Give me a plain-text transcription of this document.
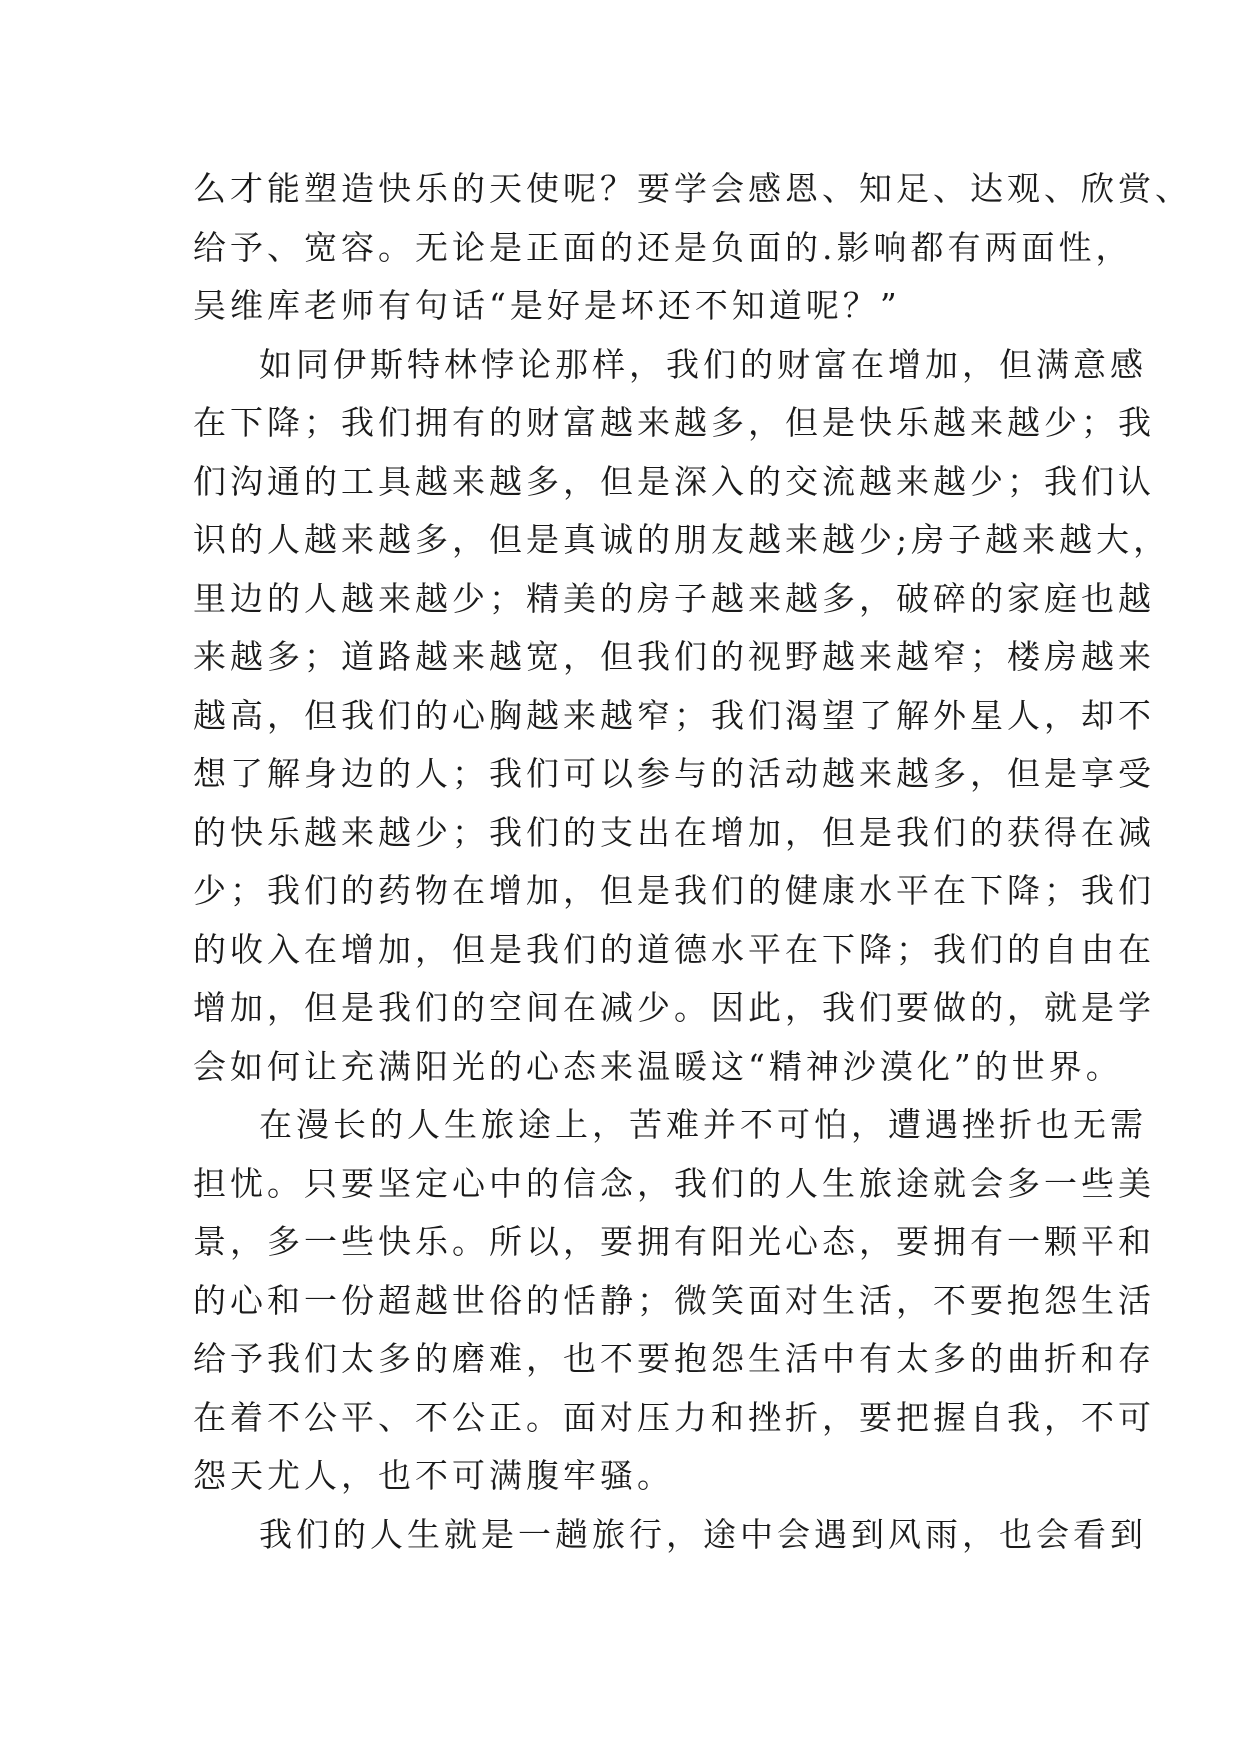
么才能塑造快乐的天使呢？要学会感恩、知足、达观、欣赏、
给予、宽容。无论是正面的还是负面的.影响都有两面性，
吴维库老师有句话“是好是坏还不知道呢？”
如同伊斯特林悖论那样，我们的财富在增加，但满意感
在下降；我们拥有的财富越来越多，但是快乐越来越少；我
们沟通的工具越来越多，但是深入的交流越来越少；我们认
识的人越来越多，但是真诚的朋友越来越少;房子越来越大，
里边的人越来越少；精美的房子越来越多，破碎的家庭也越
来越多；道路越来越宽，但我们的视野越来越窄；楼房越来
越高，但我们的心胸越来越窄；我们渴望了解外星人，却不
想了解身边的人；我们可以参与的活动越来越多，但是享受
的快乐越来越少；我们的支出在增加，但是我们的获得在减
少；我们的药物在增加，但是我们的健康水平在下降；我们
的收入在增加，但是我们的道德水平在下降；我们的自由在
增加，但是我们的空间在减少。因此，我们要做的，就是学
会如何让充满阳光的心态来温暖这“精神沙漠化”的世界。
在漫长的人生旅途上，苦难并不可怕，遭遇挫折也无需
担忧。只要坚定心中的信念，我们的人生旅途就会多一些美
景，多一些快乐。所以，要拥有阳光心态，要拥有一颗平和
的心和一份超越世俗的恬静；微笑面对生活，不要抱怨生活
给予我们太多的磨难，也不要抱怨生活中有太多的曲折和存
在着不公平、不公正。面对压力和挫折，要把握自我，不可
怨天尤人，也不可满腹牢骚。
我们的人生就是一趟旅行，途中会遇到风雨，也会看到
